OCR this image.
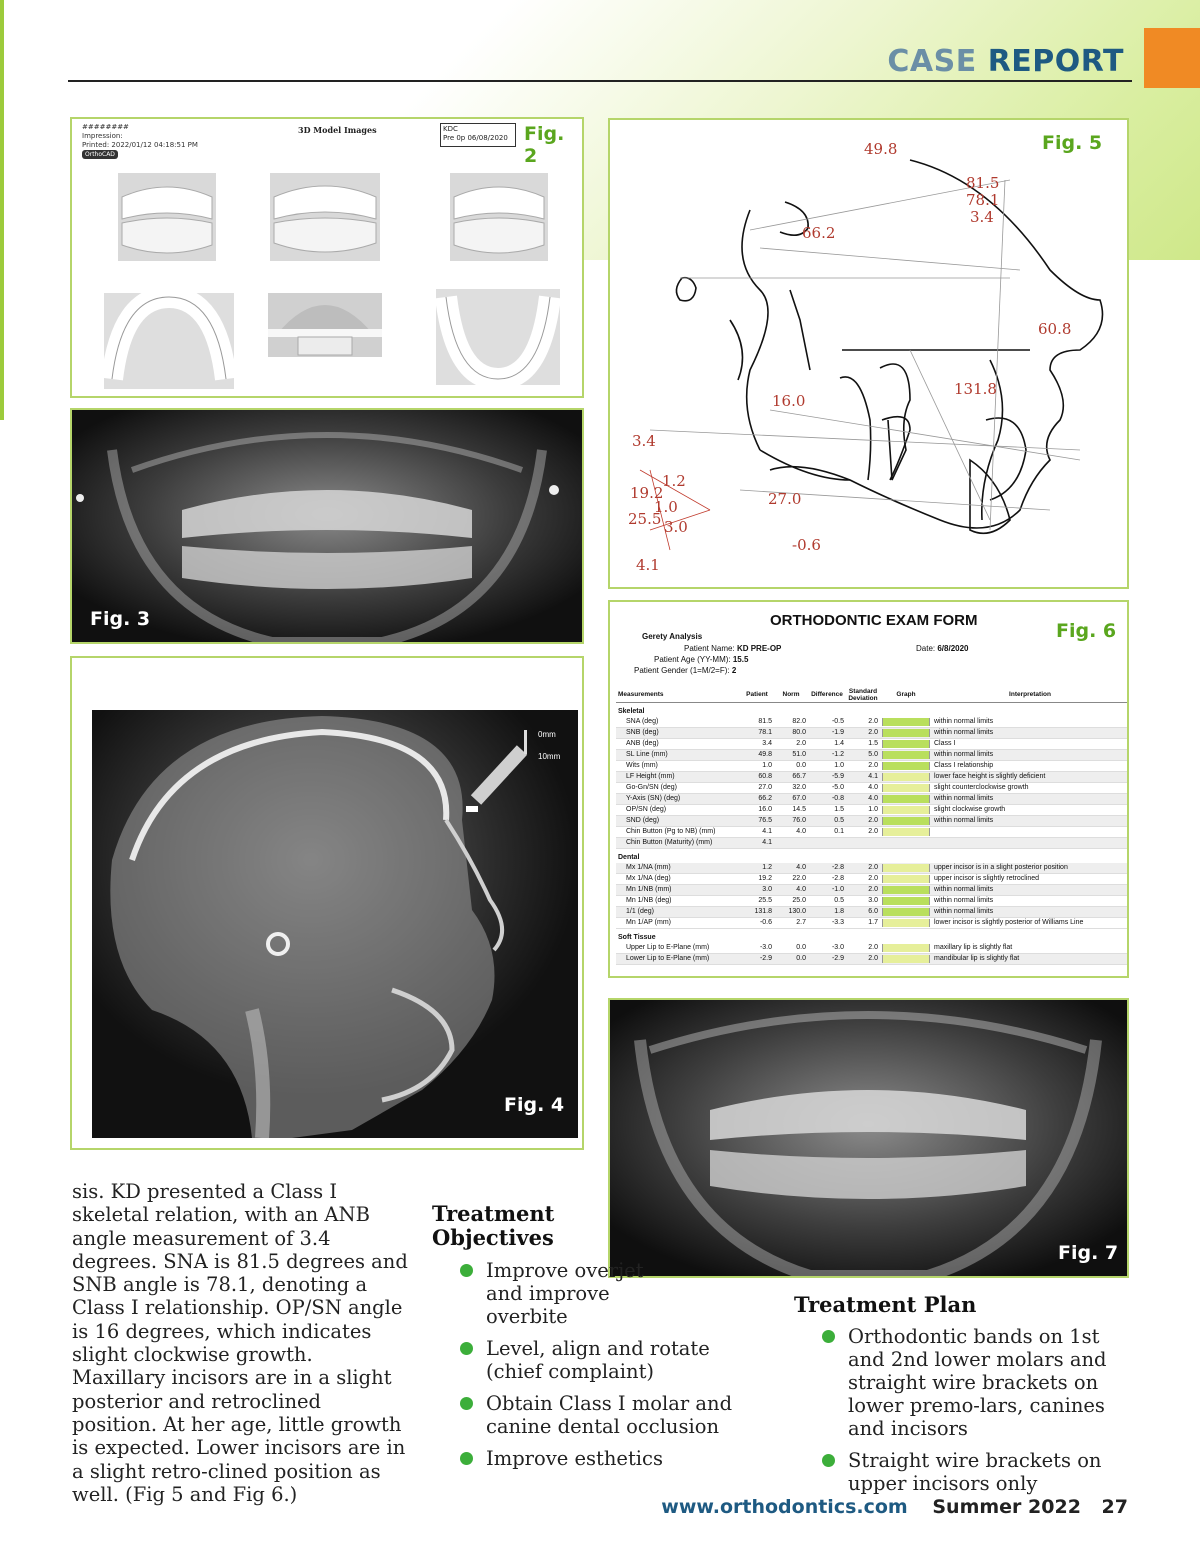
CASE REPORT
########
Impression:
Printed: 2022/01/12 04:18:51 PM
OrthoCAD
3D Model Images	KDC
Pre 0p 06/08/2020 Fig. 2
Fig. 3
0mm
10mm
Fig. 4
49.8
81.5
78.1
3.4
66.2
60.8
131.8
16.0
3.4
1.2
19.2
1.0
25.5 3.0
27.0
-0.6
4.1
Fig. 5
ORTHODONTIC EXAM FORM	Fig. 6
Gerety Analysis
Patient Name: KD PRE-OP	Date: 6/8/2020
Patient Age (YY-MM): 15.5
Patient Gender (1=M/2=F): 2
Measurements	Patient	Norm	Difference	Standard Deviation	Graph	Interpretation
Skeletal						
SNA (deg)	81.5	82.0	-0.5	2.0		within normal limits
SNB (deg)	78.1	80.0	-1.9	2.0		within normal limits
ANB (deg)	3.4	2.0	1.4	1.5		Class I
SL Line (mm)	49.8	51.0	-1.2	5.0		within normal limits
Wits (mm)	1.0	0.0	1.0	2.0		Class I relationship
LF Height (mm)	60.8	66.7	-5.9	4.1		lower face height is slightly deficient
Go-Gn/SN (deg)	27.0	32.0	-5.0	4.0		slight counterclockwise growth
Y-Axis (SN) (deg)	66.2	67.0	-0.8	4.0		within normal limits
OP/SN (deg)	16.0	14.5	1.5	1.0		slight clockwise growth
SND (deg)	76.5	76.0	0.5	2.0		within normal limits
Chin Button (Pg to NB) (mm)	4.1	4.0	0.1	2.0	

Chin Button (Maturity) (mm)	4.1					
Dental						
Mx 1/NA (mm)	1.2	4.0	-2.8	2.0		upper incisor is in a slight posterior position
Mx 1/NA (deg)	19.2	22.0	-2.8	2.0		upper incisor is slightly retroclined
Mn 1/NB (mm)	3.0	4.0	-1.0	2.0		within normal limits
Mn 1/NB (deg)	25.5	25.0	0.5	3.0		within normal limits
1/1 (deg)	131.8	130.0	1.8	6.0		within normal limits
Mn 1/AP (mm)	-0.6	2.7	-3.3	1.7		lower incisor is slightly posterior of Williams Line
Soft Tissue						
Upper Lip to E-Plane (mm)	-3.0	0.0	-3.0	2.0		maxillary lip is slightly flat
Lower Lip to E-Plane (mm)	-2.9	0.0	-2.9	2.0		mandibular lip is slightly flat
Fig. 7
sis. KD presented a Class I skeletal relation, with an ANB angle measurement of 3.4 degrees. SNA is 81.5 degrees and SNB angle is 78.1, denoting a Class I relationship. OP/SN angle is 16 degrees, which indicates slight clockwise growth. Maxillary incisors are in a slight posterior and retroclined position. At her age, little growth is expected. Lower incisors are in a slight retro-clined position as well. (Fig 5 and Fig 6.)
Treatment
Objectives
Improve overjet and improve overbite
Level, align and rotate (chief complaint)
Obtain Class I molar and canine dental occlusion
Improve esthetics
Treatment Plan
Orthodontic bands on 1st and 2nd lower molars and straight wire brackets on lower premo-lars, canines and incisors
Straight wire brackets on upper incisors only
www.orthodontics.com Summer 2022 27
